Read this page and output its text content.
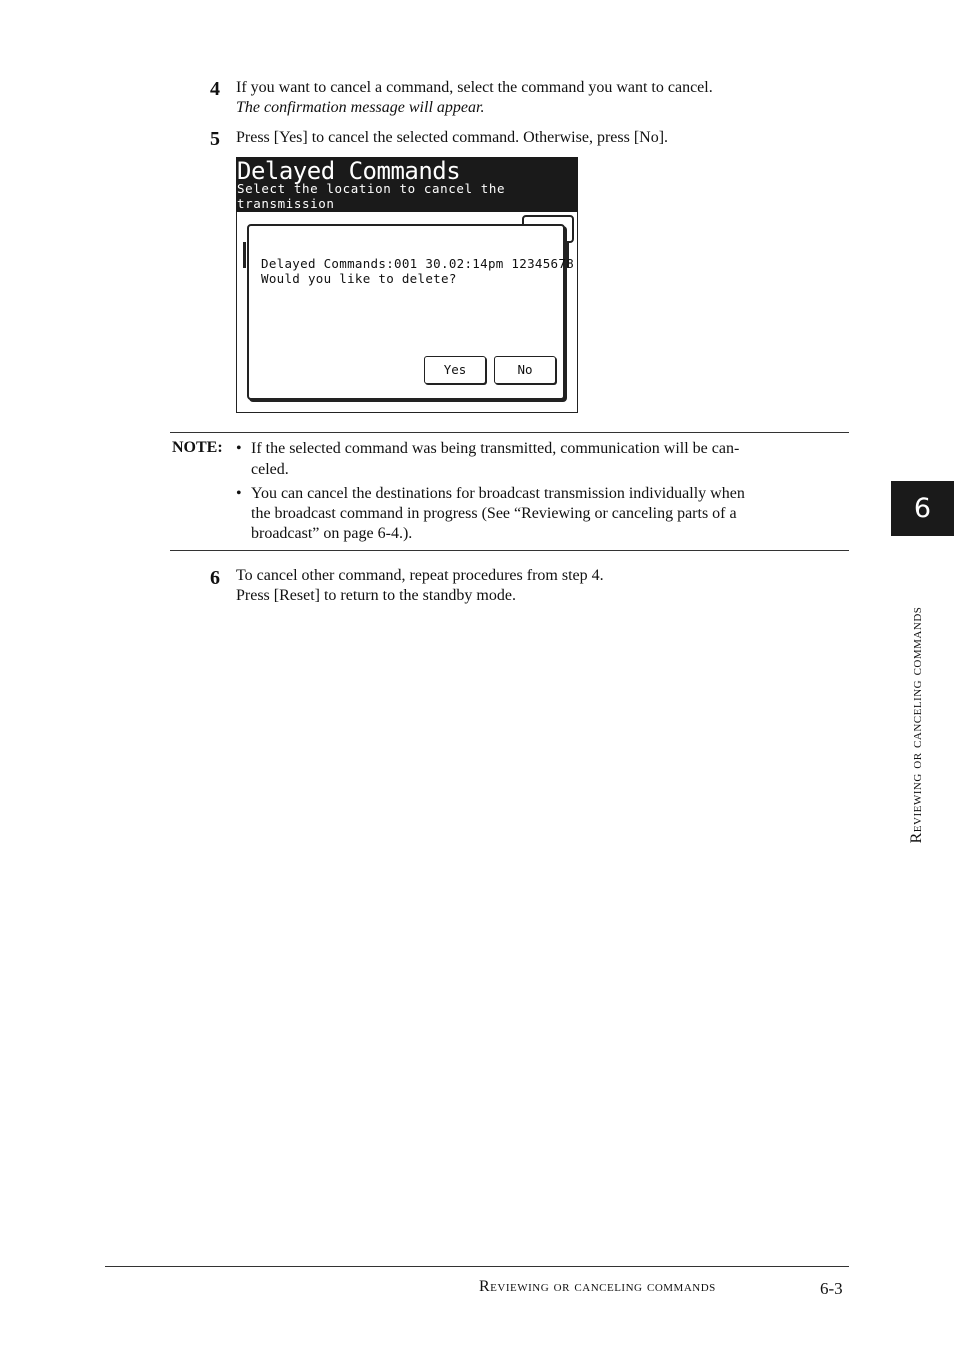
4 If you want to cancel a command, select the command you want to cancel.
The confirmation message will appear.
5 Press [Yes] to cancel the selected command. Otherwise, press [No].
Delayed Commands
Select the location to cancel the
transmission
Delayed Commands:001 30.02:14pm 12345678
Would you like to delete?
Yes	No
NOTE: • If the selected command was being transmitted, communication will be can-
celed.
• You can cancel the destinations for broadcast transmission individually when
the broadcast command in progress (See “Reviewing or canceling parts of a
broadcast” on page 6-4.).
6 To cancel other command, repeat procedures from step 4.
Press [Reset] to return to the standby mode.
6
Reviewing or canceling commands
Reviewing or canceling commands	6-3
